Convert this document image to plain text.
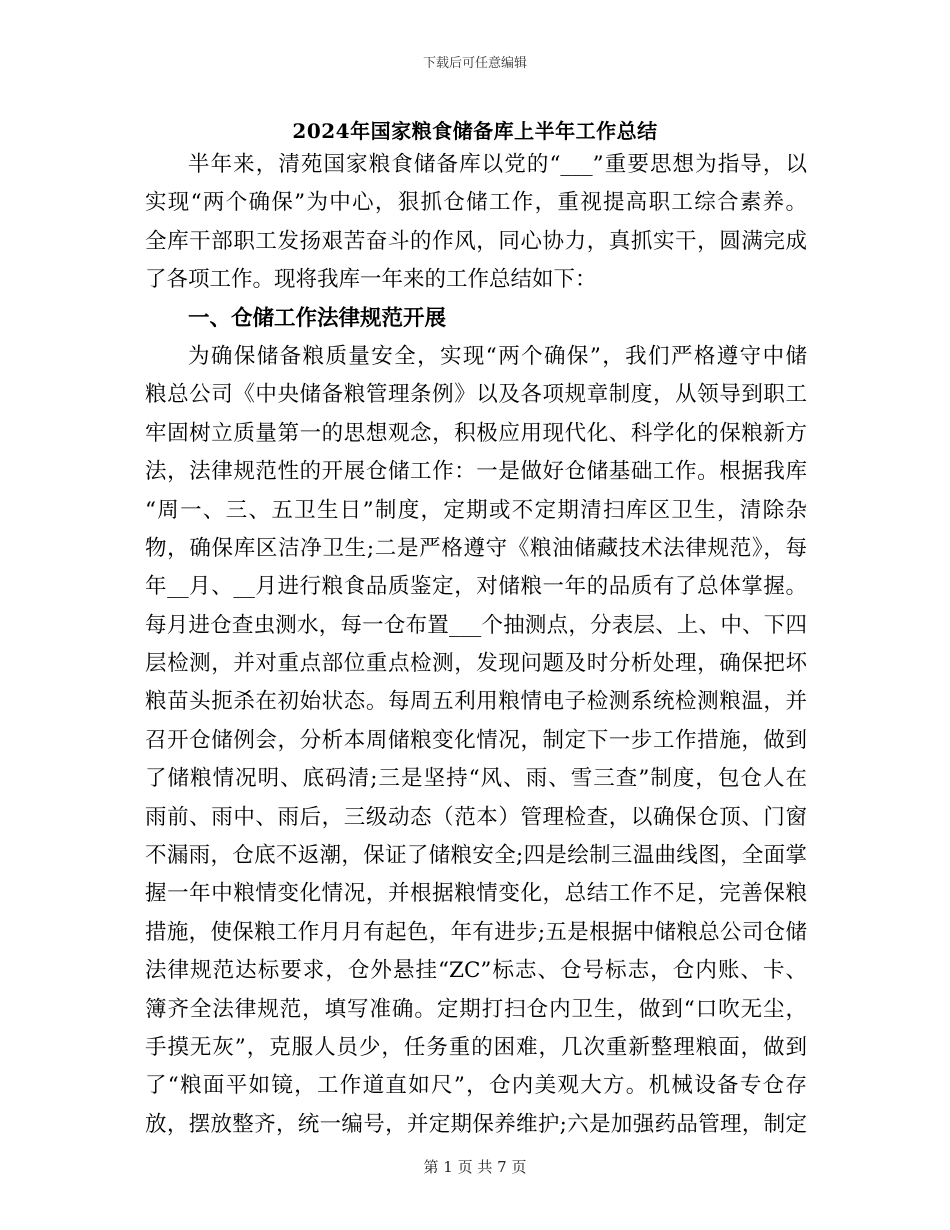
下载后可任意编辑
2024年国家粮食储备库上半年工作总结
半年来，清苑国家粮食储备库以党的“___”重要思想为指导，以
实现“两个确保”为中心，狠抓仓储工作，重视提高职工综合素养。
全库干部职工发扬艰苦奋斗的作风，同心协力，真抓实干，圆满完成
了各项工作。现将我库一年来的工作总结如下：
一、仓储工作法律规范开展
为确保储备粮质量安全，实现“两个确保”，我们严格遵守中储
粮总公司《中央储备粮管理条例》以及各项规章制度，从领导到职工
牢固树立质量第一的思想观念，积极应用现代化、科学化的保粮新方
法，法律规范性的开展仓储工作：一是做好仓储基础工作。根据我库
“周一、三、五卫生日”制度，定期或不定期清扫库区卫生，清除杂
物，确保库区洁净卫生;二是严格遵守《粮油储藏技术法律规范》，每
年__月、__月进行粮食品质鉴定，对储粮一年的品质有了总体掌握。
每月进仓查虫测水，每一仓布置___个抽测点，分表层、上、中、下四
层检测，并对重点部位重点检测，发现问题及时分析处理，确保把坏
粮苗头扼杀在初始状态。每周五利用粮情电子检测系统检测粮温，并
召开仓储例会，分析本周储粮变化情况，制定下一步工作措施，做到
了储粮情况明、底码清;三是坚持“风、雨、雪三查”制度，包仓人在
雨前、雨中、雨后，三级动态（范本）管理检查，以确保仓顶、门窗
不漏雨，仓底不返潮，保证了储粮安全;四是绘制三温曲线图，全面掌
握一年中粮情变化情况，并根据粮情变化，总结工作不足，完善保粮
措施，使保粮工作月月有起色，年有进步;五是根据中储粮总公司仓储
法律规范达标要求，仓外悬挂“ZC”标志、仓号标志，仓内账、卡、
簿齐全法律规范，填写准确。定期打扫仓内卫生，做到“口吹无尘，
手摸无灰”，克服人员少，任务重的困难，几次重新整理粮面，做到
了“粮面平如镜，工作道直如尺”，仓内美观大方。机械设备专仓存
放，摆放整齐，统一编号，并定期保养维护;六是加强药品管理，制定
第 1 页 共 7 页
